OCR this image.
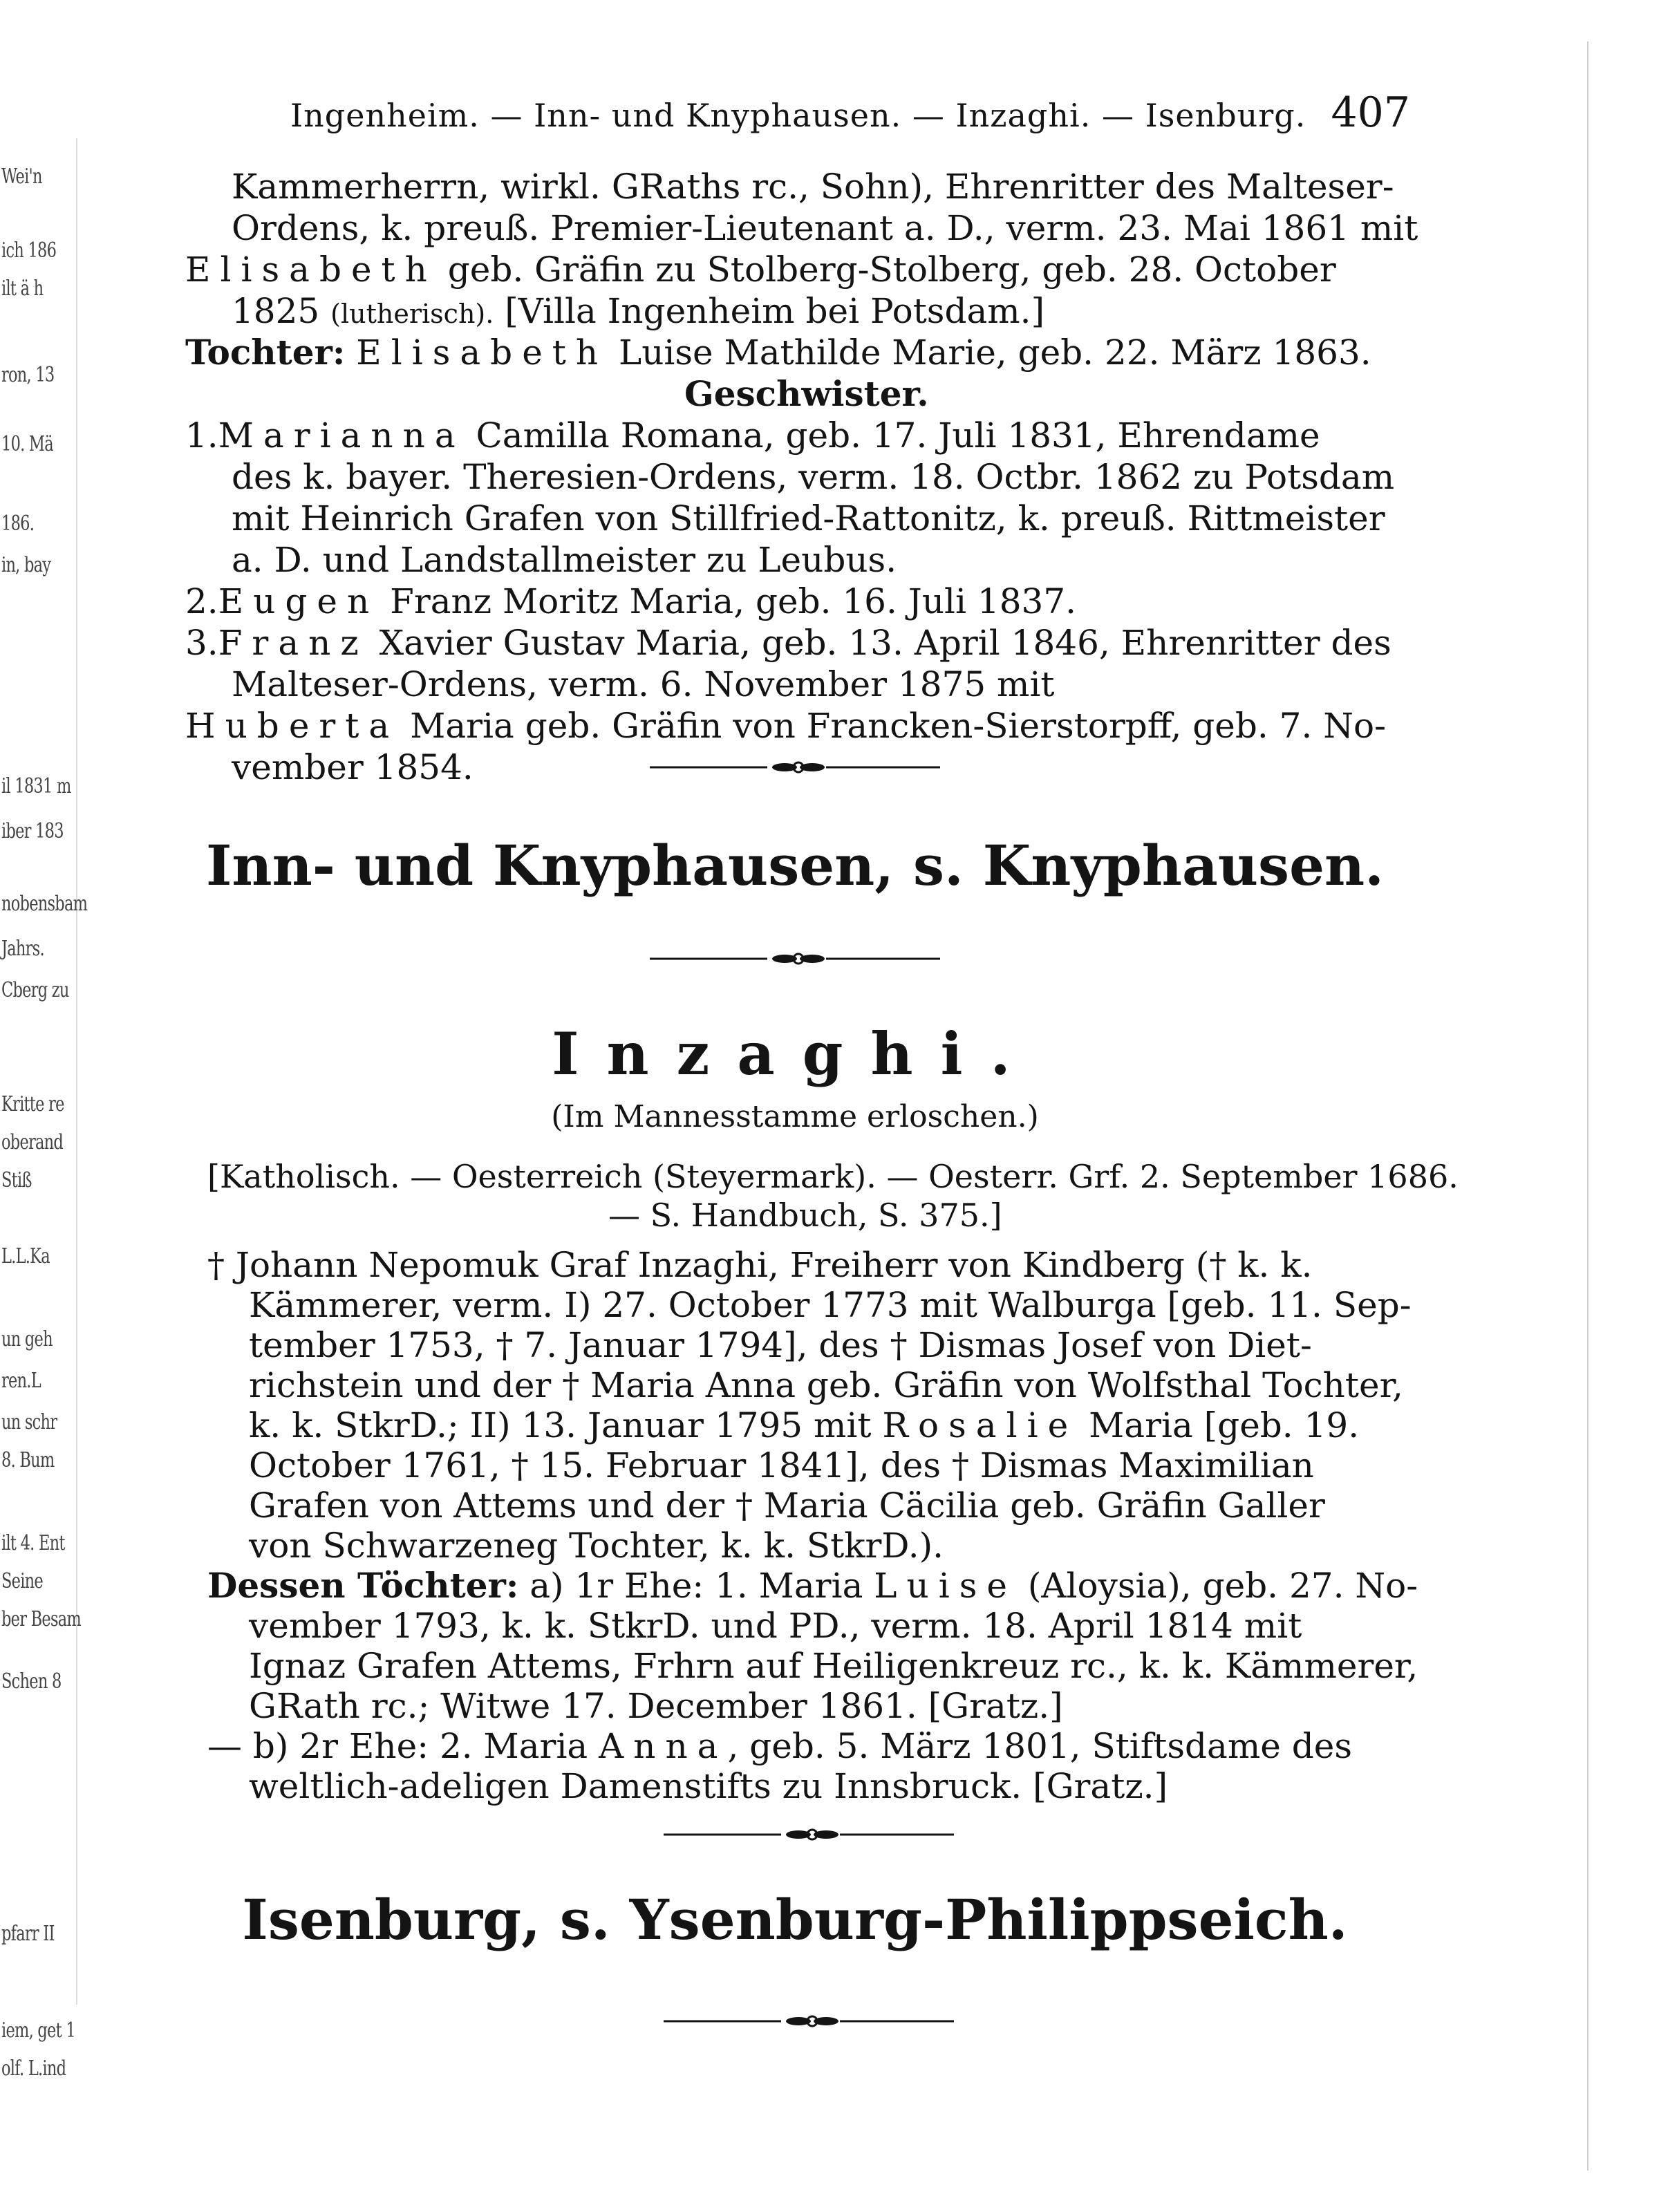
Wei'n
ich 186
ilt ä h
ron, 13
10. Mä
186.
in, bay
il 1831 m
iber 183
nobensbam
Jahrs.
Cberg zu
Kritte re
oberand
Stiß
L.L.Ka
un geh
ren.L
un schr
8. Bum
ilt 4. Ent
Seine
ber Besam
Schen 8
pfarr II
iem, get 1
olf. L.ind
Ingenheim. — Inn- und Knyphausen. — Inzaghi. — Isenburg. 407
Kammerherrn, wirkl. GRaths rc., Sohn), Ehrenritter des Malteser-
Ordens, k. preuß. Premier-Lieutenant a. D., verm. 23. Mai 1861 mit
Elisabeth geb. Gräfin zu Stolberg-Stolberg, geb. 28. October
1825 (lutherisch). [Villa Ingenheim bei Potsdam.]
Tochter: Elisabeth Luise Mathilde Marie, geb. 22. März 1863.
Geschwister.
1.Marianna Camilla Romana, geb. 17. Juli 1831, Ehrendame
des k. bayer. Theresien-Ordens, verm. 18. Octbr. 1862 zu Potsdam
mit Heinrich Grafen von Stillfried-Rattonitz, k. preuß. Rittmeister
a. D. und Landstallmeister zu Leubus.
2.Eugen Franz Moritz Maria, geb. 16. Juli 1837.
3.Franz Xavier Gustav Maria, geb. 13. April 1846, Ehrenritter des
Malteser-Ordens, verm. 6. November 1875 mit
Huberta Maria geb. Gräfin von Francken-Sierstorpff, geb. 7. No-
vember 1854.
Inn- und Knyphausen, s. Knyphausen.
Inzaghi.
(Im Mannesstamme erloschen.)
[Katholisch. — Oesterreich (Steyermark). — Oesterr. Grf. 2. September 1686.
— S. Handbuch, S. 375.]
† Johann Nepomuk Graf Inzaghi, Freiherr von Kindberg († k. k.
Kämmerer, verm. I) 27. October 1773 mit Walburga [geb. 11. Sep-
tember 1753, † 7. Januar 1794], des † Dismas Josef von Diet-
richstein und der † Maria Anna geb. Gräfin von Wolfsthal Tochter,
k. k. StkrD.; II) 13. Januar 1795 mit Rosalie Maria [geb. 19.
October 1761, † 15. Februar 1841], des † Dismas Maximilian
Grafen von Attems und der † Maria Cäcilia geb. Gräfin Galler
von Schwarzeneg Tochter, k. k. StkrD.).
Dessen Töchter: a) 1r Ehe: 1. Maria Luise (Aloysia), geb. 27. No-
vember 1793, k. k. StkrD. und PD., verm. 18. April 1814 mit
Ignaz Grafen Attems, Frhrn auf Heiligenkreuz rc., k. k. Kämmerer,
GRath rc.; Witwe 17. December 1861. [Gratz.]
— b) 2r Ehe: 2. Maria Anna, geb. 5. März 1801, Stiftsdame des
weltlich-adeligen Damenstifts zu Innsbruck. [Gratz.]
Isenburg, s. Ysenburg-Philippseich.
